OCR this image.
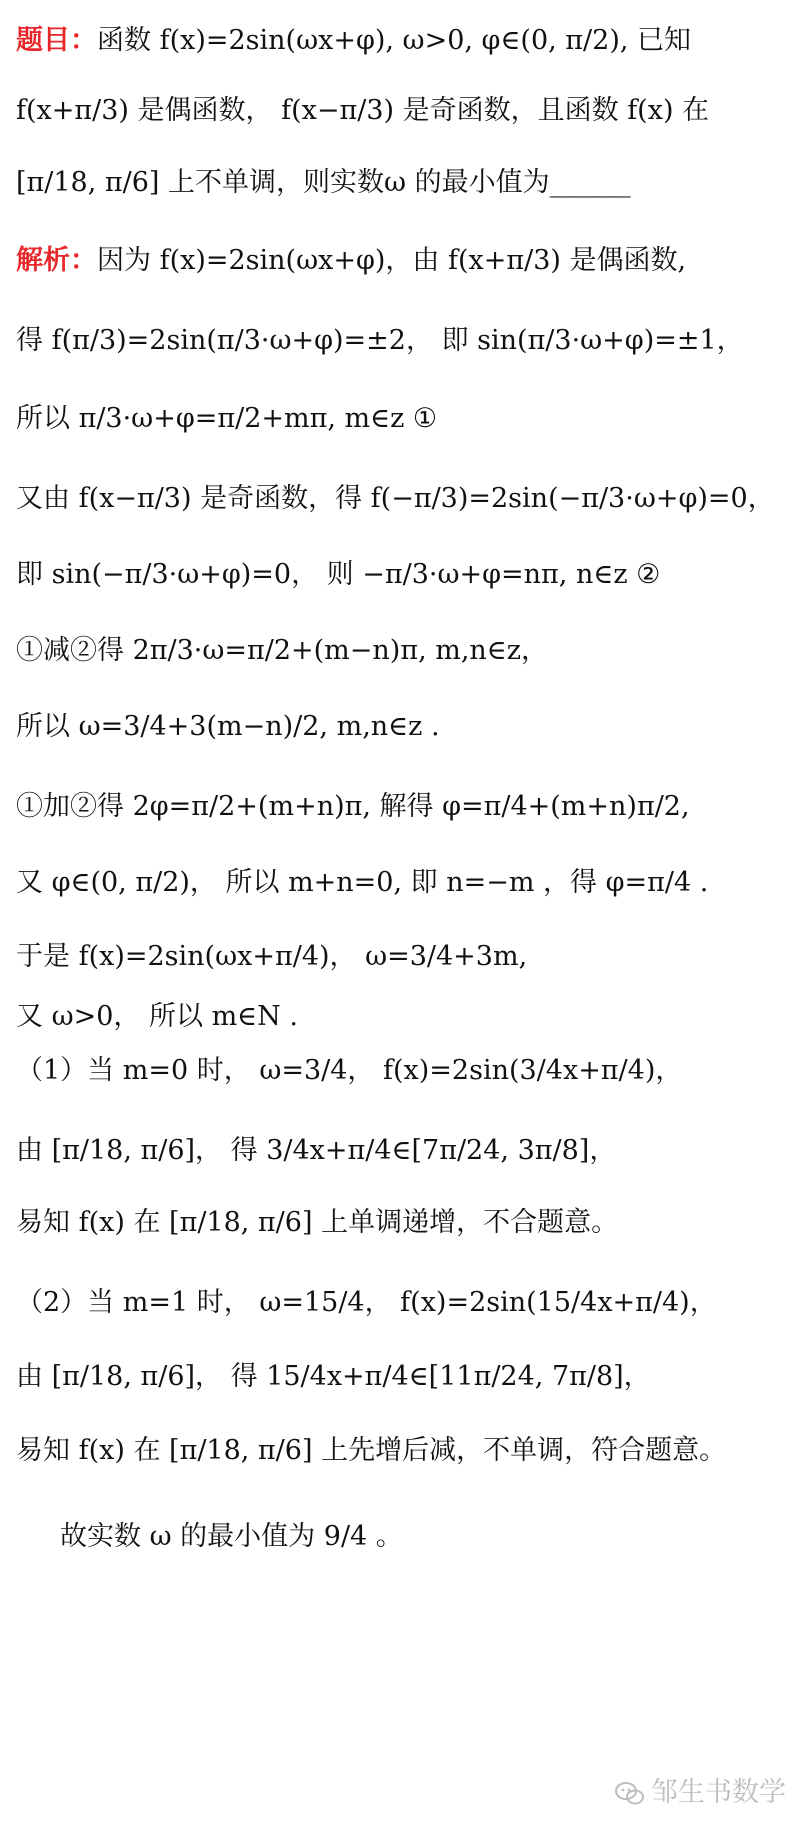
题目：函数 f(x)=2sin(ωx+φ), ω>0, φ∈(0, π/2), 已知
f(x+π/3) 是偶函数， f(x−π/3) 是奇函数，且函数 f(x) 在
[π/18, π/6] 上不单调，则实数ω 的最小值为______
解析：因为 f(x)=2sin(ωx+φ)，由 f(x+π/3) 是偶函数,
得 f(π/3)=2sin(π/3·ω+φ)=±2， 即 sin(π/3·ω+φ)=±1，
所以 π/3·ω+φ=π/2+mπ, m∈z ①
又由 f(x−π/3) 是奇函数，得 f(−π/3)=2sin(−π/3·ω+φ)=0，
即 sin(−π/3·ω+φ)=0， 则 −π/3·ω+φ=nπ, n∈z ②
①减②得 2π/3·ω=π/2+(m−n)π, m,n∈z，
所以 ω=3/4+3(m−n)/2, m,n∈z .
①加②得 2φ=π/2+(m+n)π, 解得 φ=π/4+(m+n)π/2,
又 φ∈(0, π/2)， 所以 m+n=0, 即 n=−m ，得 φ=π/4 .
于是 f(x)=2sin(ωx+π/4)， ω=3/4+3m,
又 ω>0， 所以 m∈N .
（1）当 m=0 时， ω=3/4， f(x)=2sin(3/4x+π/4)，
由 [π/18, π/6]， 得 3/4x+π/4∈[7π/24, 3π/8]，
易知 f(x) 在 [π/18, π/6] 上单调递增，不合题意。
（2）当 m=1 时， ω=15/4， f(x)=2sin(15/4x+π/4)，
由 [π/18, π/6]， 得 15/4x+π/4∈[11π/24, 7π/8]，
易知 f(x) 在 [π/18, π/6] 上先增后减，不单调，符合题意。
故实数 ω 的最小值为 9/4 。
邹生书数学
